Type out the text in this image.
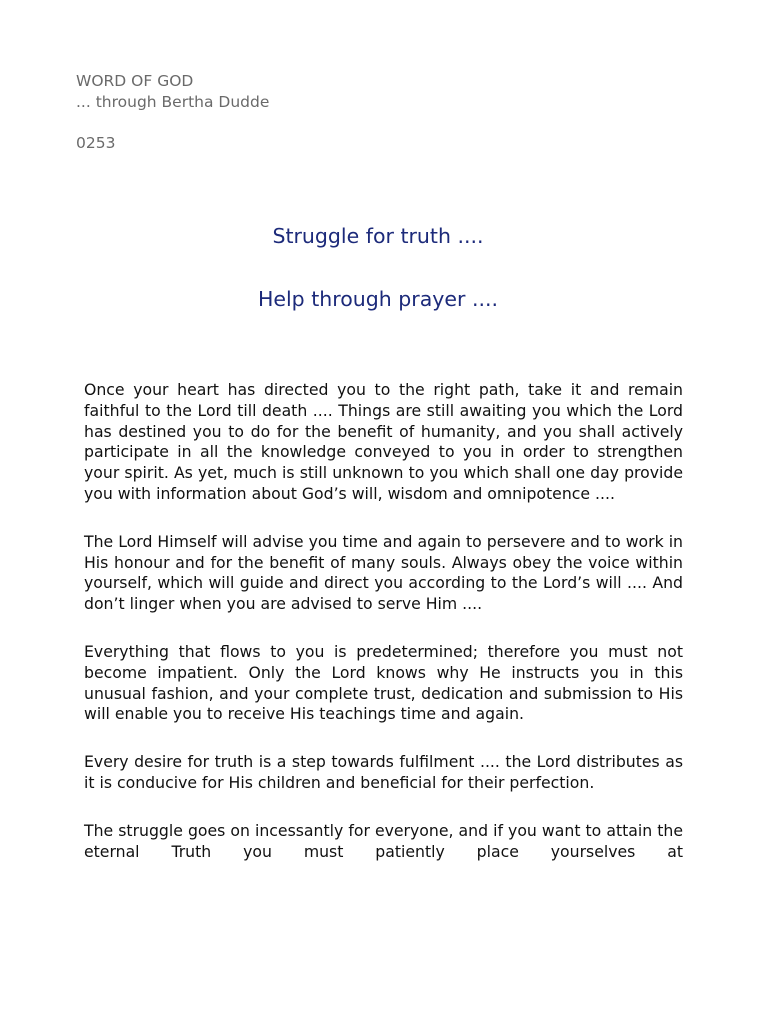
WORD OF GOD
... through Bertha Dudde
0253
Struggle for truth ....
Help through prayer ....

Once your heart has directed you to the right path, take it and remain faithful to the Lord till death .... Things are still awaiting you which the Lord has destined you to do for the benefit of humanity, and you shall actively participate in all the knowledge conveyed to you in order to strengthen your spirit. As yet, much is still unknown to you which shall one day provide you with information about God’s will, wisdom and omnipotence ....

The Lord Himself will advise you time and again to persevere and to work in His honour and for the benefit of many souls. Always obey the voice within yourself, which will guide and direct you according to the Lord’s will .... And don’t linger when you are advised to serve Him ....

Everything that flows to you is predetermined; therefore you must not become impatient. Only the Lord knows why He instructs you in this unusual fashion, and your complete trust, dedication and submission to His will enable you to receive His teachings time and again.

Every desire for truth is a step towards fulfilment .... the Lord distributes as it is conducive for His children and beneficial for their perfection.

The struggle goes on incessantly for everyone, and if you want to attain the eternal Truth you must patiently place yourselves at
